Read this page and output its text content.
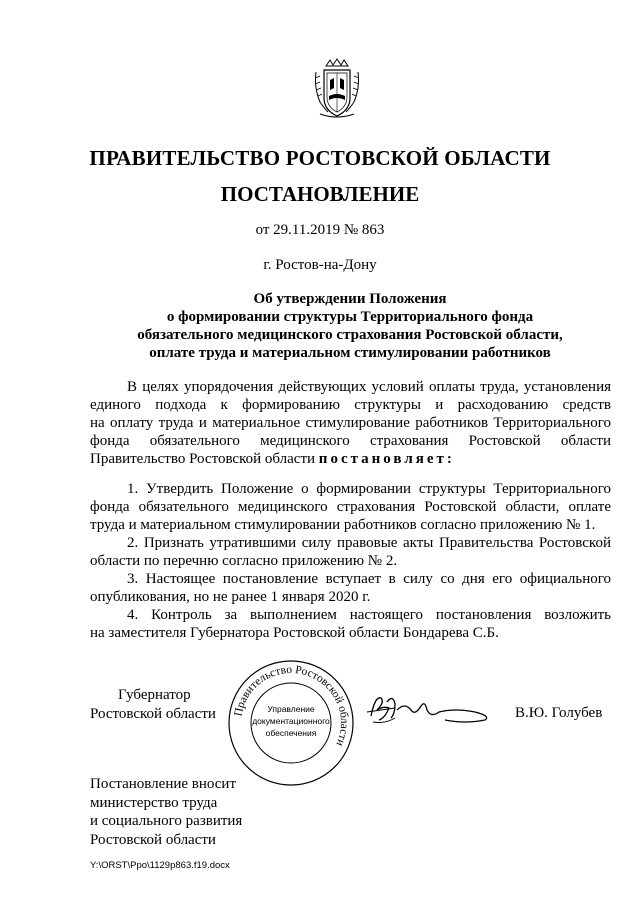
ПРАВИТЕЛЬСТВО РОСТОВСКОЙ ОБЛАСТИ
ПОСТАНОВЛЕНИЕ
от 29.11.2019 № 863
г. Ростов-на-Дону
Об утверждении Положения
о формировании структуры Территориального фонда
обязательного медицинского страхования Ростовской области,
оплате труда и материальном стимулировании работников
В целях упорядочения действующих условий оплаты труда, установления
единого подхода к формированию структуры и расходованию средств
на оплату труда и материальное стимулирование работников Территориального
фонда обязательного медицинского страхования Ростовской области
Правительство Ростовской области постановляет:
1. Утвердить Положение о формировании структуры Территориального
фонда обязательного медицинского страхования Ростовской области, оплате
труда и материальном стимулировании работников согласно приложению № 1.
2. Признать утратившими силу правовые акты Правительства Ростовской
области по перечню согласно приложению № 2.
3. Настоящее постановление вступает в силу со дня его официального
опубликования, но не ранее 1 января 2020 г.
4. Контроль за выполнением настоящего постановления возложить
на заместителя Губернатора Ростовской области Бондарева С.Б.
Губернатор
Ростовской области Правительство Ростовской области
Управление
документационного
обеспечения
В.Ю. Голубев
Постановление вносит
министерство труда
и социального развития
Ростовской области
Y:\ORST\Ppo\1129p863.f19.docx
